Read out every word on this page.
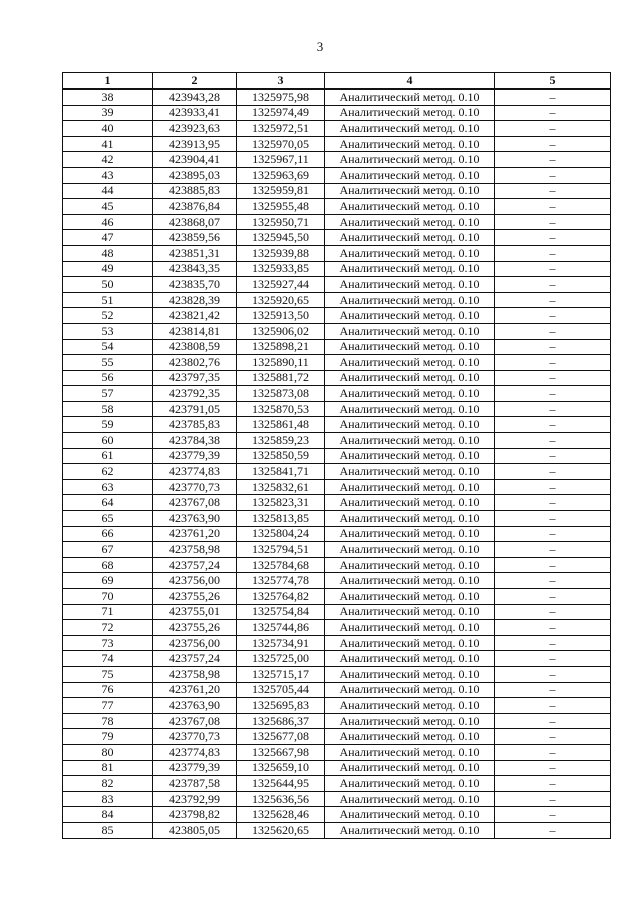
3
1	2	3	4	5
38	423943,28	1325975,98	Аналитический метод. 0.10	–
39	423933,41	1325974,49	Аналитический метод. 0.10	–
40	423923,63	1325972,51	Аналитический метод. 0.10	–
41	423913,95	1325970,05	Аналитический метод. 0.10	–
42	423904,41	1325967,11	Аналитический метод. 0.10	–
43	423895,03	1325963,69	Аналитический метод. 0.10	–
44	423885,83	1325959,81	Аналитический метод. 0.10	–
45	423876,84	1325955,48	Аналитический метод. 0.10	–
46	423868,07	1325950,71	Аналитический метод. 0.10	–
47	423859,56	1325945,50	Аналитический метод. 0.10	–
48	423851,31	1325939,88	Аналитический метод. 0.10	–
49	423843,35	1325933,85	Аналитический метод. 0.10	–
50	423835,70	1325927,44	Аналитический метод. 0.10	–
51	423828,39	1325920,65	Аналитический метод. 0.10	–
52	423821,42	1325913,50	Аналитический метод. 0.10	–
53	423814,81	1325906,02	Аналитический метод. 0.10	–
54	423808,59	1325898,21	Аналитический метод. 0.10	–
55	423802,76	1325890,11	Аналитический метод. 0.10	–
56	423797,35	1325881,72	Аналитический метод. 0.10	–
57	423792,35	1325873,08	Аналитический метод. 0.10	–
58	423791,05	1325870,53	Аналитический метод. 0.10	–
59	423785,83	1325861,48	Аналитический метод. 0.10	–
60	423784,38	1325859,23	Аналитический метод. 0.10	–
61	423779,39	1325850,59	Аналитический метод. 0.10	–
62	423774,83	1325841,71	Аналитический метод. 0.10	–
63	423770,73	1325832,61	Аналитический метод. 0.10	–
64	423767,08	1325823,31	Аналитический метод. 0.10	–
65	423763,90	1325813,85	Аналитический метод. 0.10	–
66	423761,20	1325804,24	Аналитический метод. 0.10	–
67	423758,98	1325794,51	Аналитический метод. 0.10	–
68	423757,24	1325784,68	Аналитический метод. 0.10	–
69	423756,00	1325774,78	Аналитический метод. 0.10	–
70	423755,26	1325764,82	Аналитический метод. 0.10	–
71	423755,01	1325754,84	Аналитический метод. 0.10	–
72	423755,26	1325744,86	Аналитический метод. 0.10	–
73	423756,00	1325734,91	Аналитический метод. 0.10	–
74	423757,24	1325725,00	Аналитический метод. 0.10	–
75	423758,98	1325715,17	Аналитический метод. 0.10	–
76	423761,20	1325705,44	Аналитический метод. 0.10	–
77	423763,90	1325695,83	Аналитический метод. 0.10	–
78	423767,08	1325686,37	Аналитический метод. 0.10	–
79	423770,73	1325677,08	Аналитический метод. 0.10	–
80	423774,83	1325667,98	Аналитический метод. 0.10	–
81	423779,39	1325659,10	Аналитический метод. 0.10	–
82	423787,58	1325644,95	Аналитический метод. 0.10	–
83	423792,99	1325636,56	Аналитический метод. 0.10	–
84	423798,82	1325628,46	Аналитический метод. 0.10	–
85	423805,05	1325620,65	Аналитический метод. 0.10	–
